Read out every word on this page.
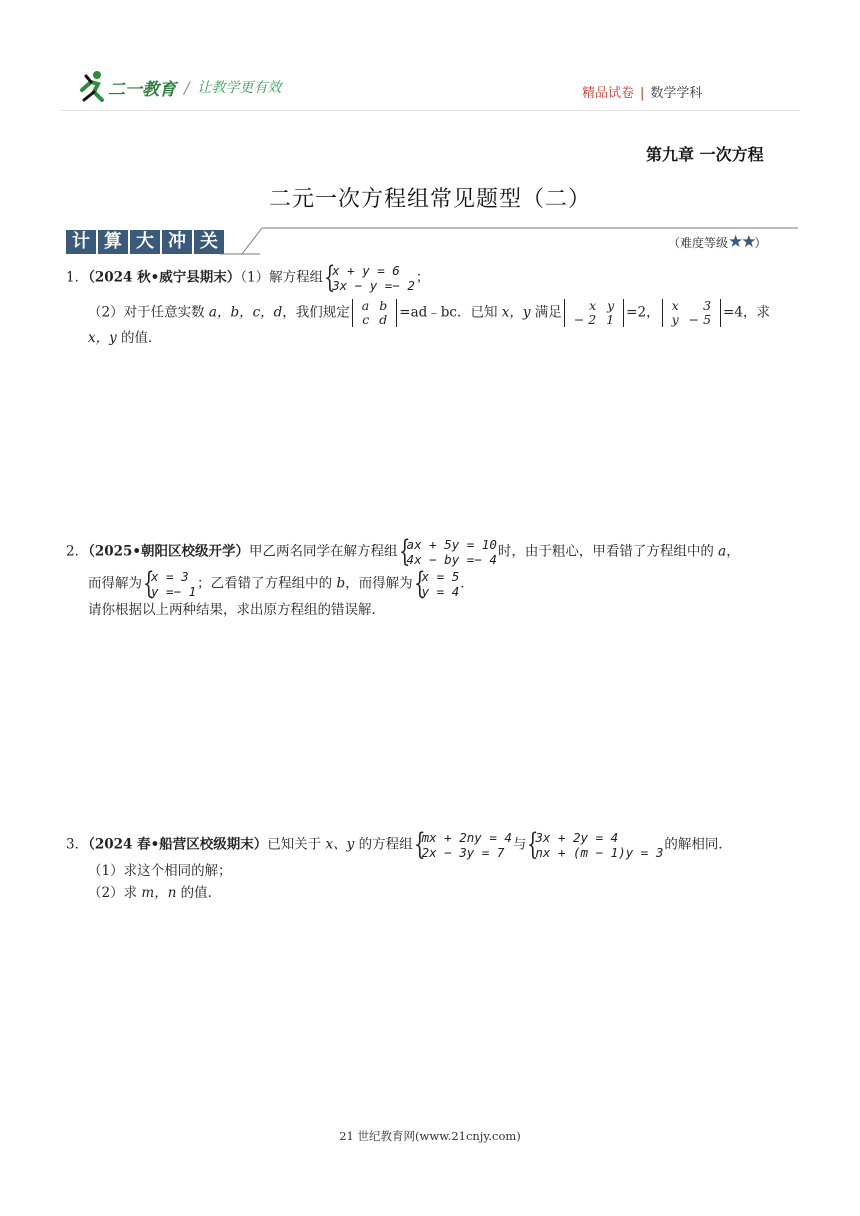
二一教育 / 让教学更有效	精品试卷 | 数学学科
第九章 一次方程
二元一次方程组常见题型（二）
计 算 大 冲 关	（难度等级★★）
1．（2024 秋•威宁县期末）（1）解方程组 {
x + y = 6
3x − y =− 2 ；
（2）对于任意实数 a，b，c，d，我们规定 a	b
c	d =ad﹣bc．已知 x，y 满足 x	y
− 2	1 =2， x	3
y	− 5 =4，求
x，y 的值．
2．（2025•朝阳区校级开学）甲乙两名同学在解方程组 {
ax + 5y = 10
4x − by =− 4 时，由于粗心，甲看错了方程组中的 a，
而得解为 {
x = 3
y =− 1 ；乙看错了方程组中的 b，而得解为 {
x = 5
y = 4 ．
请你根据以上两种结果，求出原方程组的错误解．
3．（2024 春•船营区校级期末）已知关于 x、y 的方程组 {
mx + 2ny = 4
2x − 3y = 7 与 {
3x + 2y = 4
nx + (m − 1)y = 3 的解相同．
（1）求这个相同的解；
（2）求 m，n 的值．
21 世纪教育网(www.21cnjy.com)
